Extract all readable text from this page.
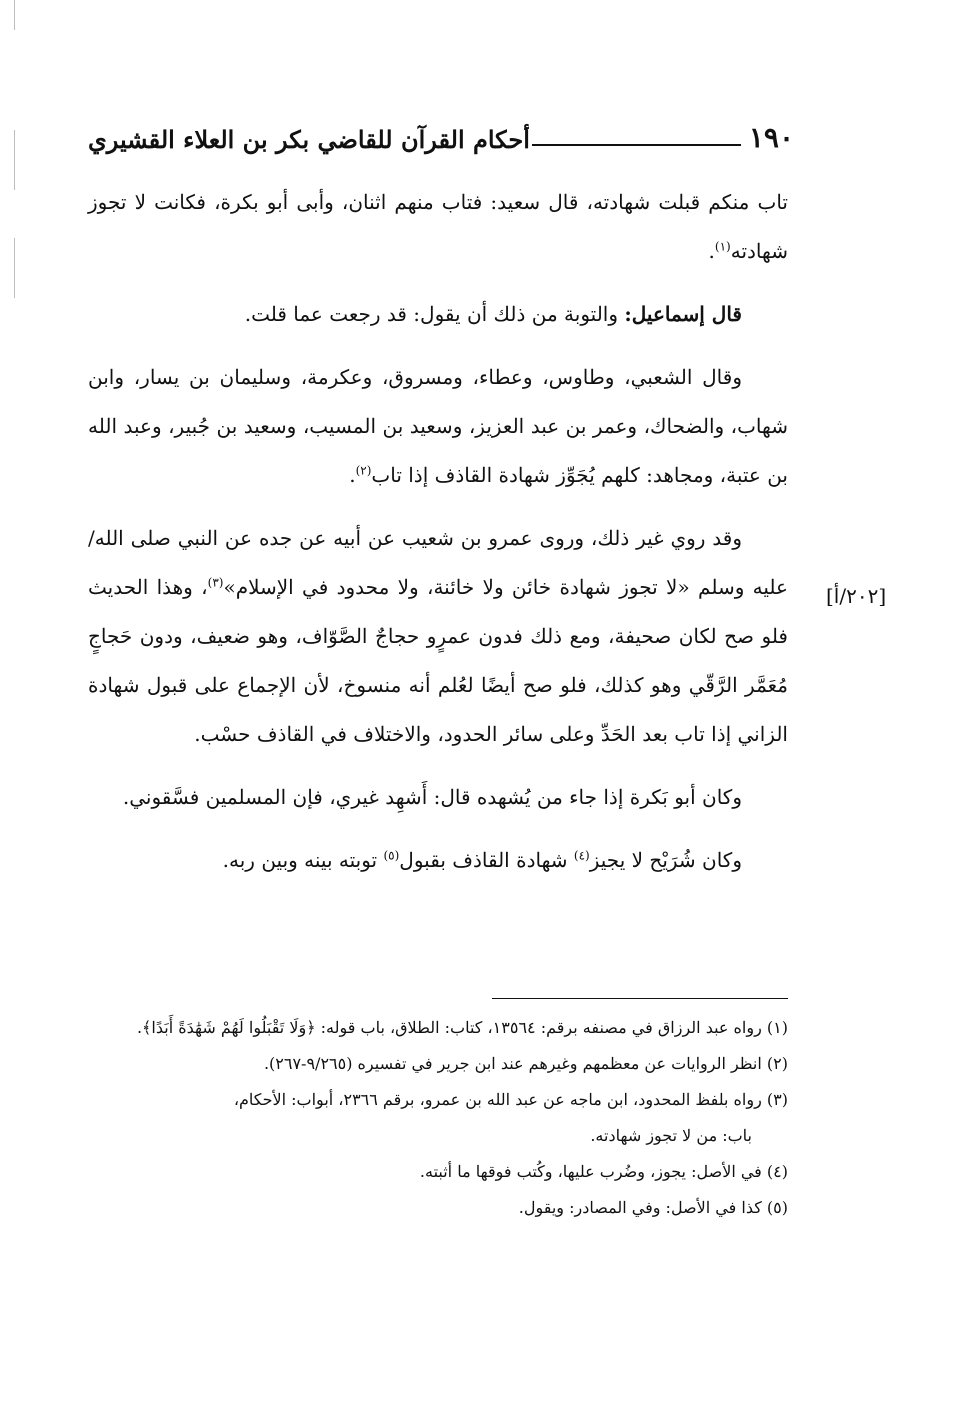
١٩٠
أحكام القرآن للقاضي بكر بن العلاء القشيري
[٢٠٢/أ]

تاب منكم قبلت شهادته، قال سعيد: فتاب منهم اثنان، وأبى أبو بكرة، فكانت لا تجوز شهادته$^{(١)}$.

قال إسماعيل: والتوبة من ذلك أن يقول: قد رجعت عما قلت.

وقال الشعبي، وطاوس، وعطاء، ومسروق، وعكرمة، وسليمان بن يسار، وابن شهاب، والضحاك، وعمر بن عبد العزيز، وسعيد بن المسيب، وسعيد بن جُبير، وعبد الله بن عتبة، ومجاهد: كلهم يُجَوِّز شهادة القاذف إذا تاب$^{(٢)}$.

وقد روي غير ذلك، وروى عمرو بن شعيب عن أبيه عن جده عن النبي صلى الله/ عليه وسلم «لا تجوز شهادة خائن ولا خائنة، ولا محدود في الإسلام»$^{(٣)}$، وهذا الحديث فلو صح لكان صحيفة، ومع ذلك فدون عمرٍو حجاجٌ الصَّوّاف، وهو ضعيف، ودون حَجاجٍ مُعَمَّر الرَّقّي وهو كذلك، فلو صح أيضًا لعُلم أنه منسوخ، لأن الإجماع على قبول شهادة الزاني إذا تاب بعد الحَدِّ وعلى سائر الحدود، والاختلاف في القاذف حسْب.

وكان أبو بَكرة إذا جاء من يُشهده قال: أَشهِد غيري، فإن المسلمين فسَّقوني.

وكان شُرَيْح لا يجيز$^{(٤)}$ شهادة القاذف بقبول$^{(٥)}$ توبته بينه وبين ربه.

(١) رواه عبد الرزاق في مصنفه برقم: ١٣٥٦٤، كتاب: الطلاق، باب قوله: ﴿وَلَا تَقْبَلُوا لَهُمْ شَهَٰدَةً أَبَدًا﴾.

(٢) انظر الروايات عن معظمهم وغيرهم عند ابن جرير في تفسيره (٩/٢٦٥-٢٦٧).

(٣) رواه بلفظ المحدود، ابن ماجه عن عبد الله بن عمرو، برقم ٢٣٦٦، أبواب: الأحكام،

باب: من لا تجوز شهادته.

(٤) في الأصل: يجوز، وضُرب عليها، وكُتب فوقها ما أثبته.

(٥) كذا في الأصل: وفي المصادر: ويقول.
